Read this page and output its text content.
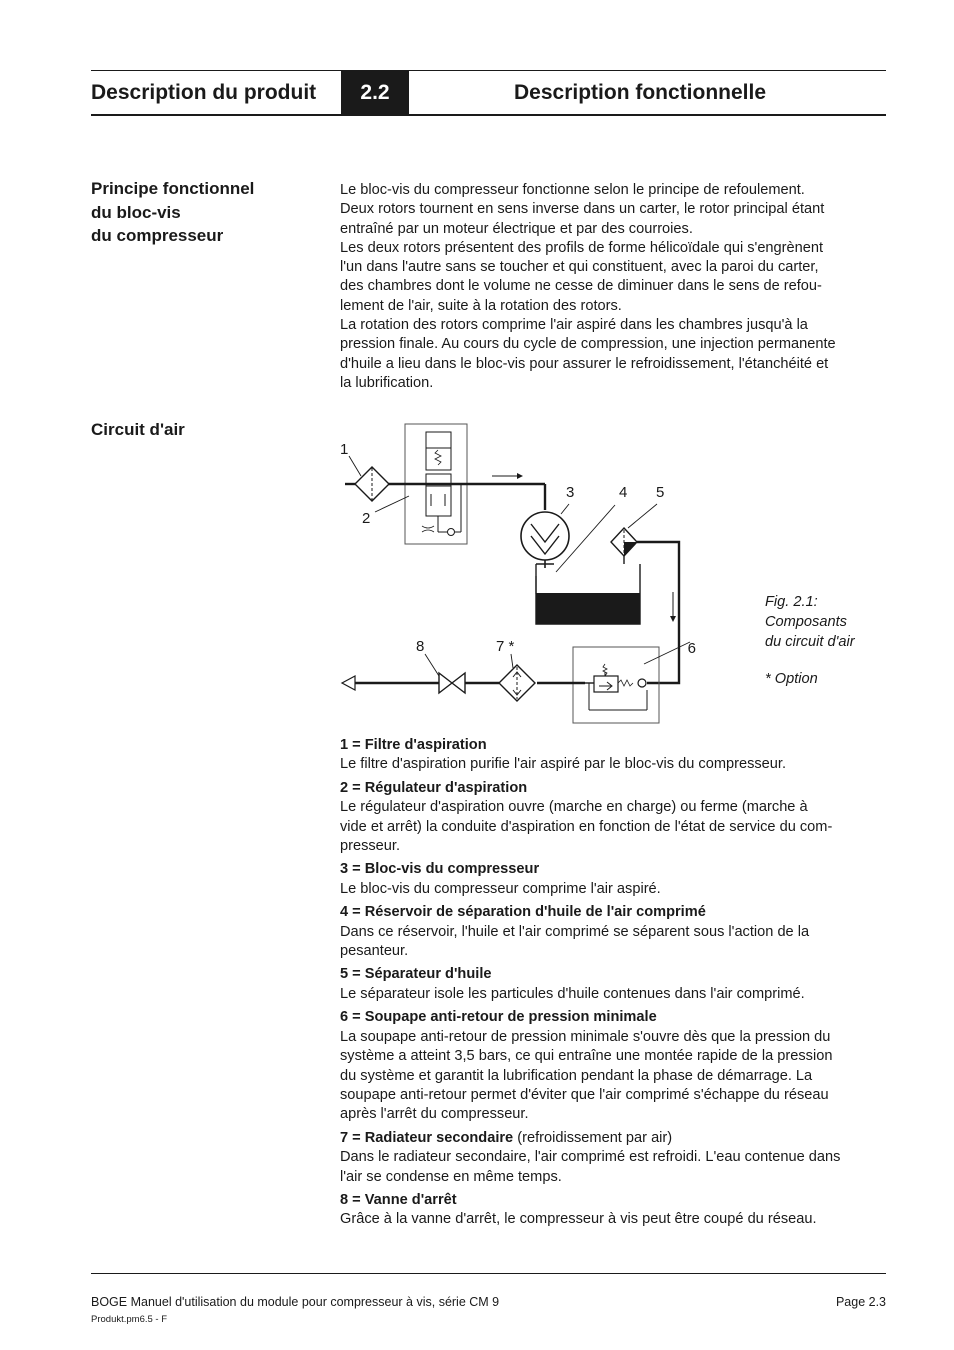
Description du produit	2.2	Description fonctionnelle
Principe fonctionnel
du bloc-vis
du compresseur
Le bloc-vis du compresseur fonctionne selon le principe de refoulement.
Deux rotors tournent en sens inverse dans un carter, le rotor principal étant
entraîné par un moteur électrique et par des courroies.
Les deux rotors présentent des profils de forme hélicoïdale qui s'engrènent
l'un dans l'autre sans se toucher et qui constituent, avec la paroi du carter,
des chambres dont le volume ne cesse de diminuer dans le sens de refou-
lement de l'air, suite à la rotation des rotors.
La rotation des rotors comprime l'air aspiré dans les chambres jusqu'à la
pression finale. Au cours du cycle de compression, une injection permanente
d'huile a lieu dans le bloc-vis pour assurer le refroidissement, l'étanchéité et
la lubrification.
Circuit d'air
1
2
3	4 5
6
7 *
8
Fig. 2.1:
Composants
du circuit d'air
* Option
1 = Filtre d'aspiration
Le filtre d'aspiration purifie l'air aspiré par le bloc-vis du compresseur.
2 = Régulateur d'aspiration
Le régulateur d'aspiration ouvre (marche en charge) ou ferme (marche à
vide et arrêt) la conduite d'aspiration en fonction de l'état de service du com-
presseur.
3 = Bloc-vis du compresseur
Le bloc-vis du compresseur comprime l'air aspiré.
4 = Réservoir de séparation d'huile de l'air comprimé
Dans ce réservoir, l'huile et l'air comprimé se séparent sous l'action de la
pesanteur.
5 = Séparateur d'huile
Le séparateur isole les particules d'huile contenues dans l'air comprimé.
6 = Soupape anti-retour de pression minimale
La soupape anti-retour de pression minimale s'ouvre dès que la pression du
système a atteint 3,5 bars, ce qui entraîne une montée rapide de la pression
du système et garantit la lubrification pendant la phase de démarrage. La
soupape anti-retour permet d'éviter que l'air comprimé s'échappe du réseau
après l'arrêt du compresseur.
7 = Radiateur secondaire (refroidissement par air)
Dans le radiateur secondaire, l'air comprimé est refroidi. L'eau contenue dans
l'air se condense en même temps.
8 = Vanne d'arrêt
Grâce à la vanne d'arrêt, le compresseur à vis peut être coupé du réseau.
BOGE Manuel d'utilisation du module pour compresseur à vis, série CM 9	Page 2.3
Produkt.pm6.5 - F
